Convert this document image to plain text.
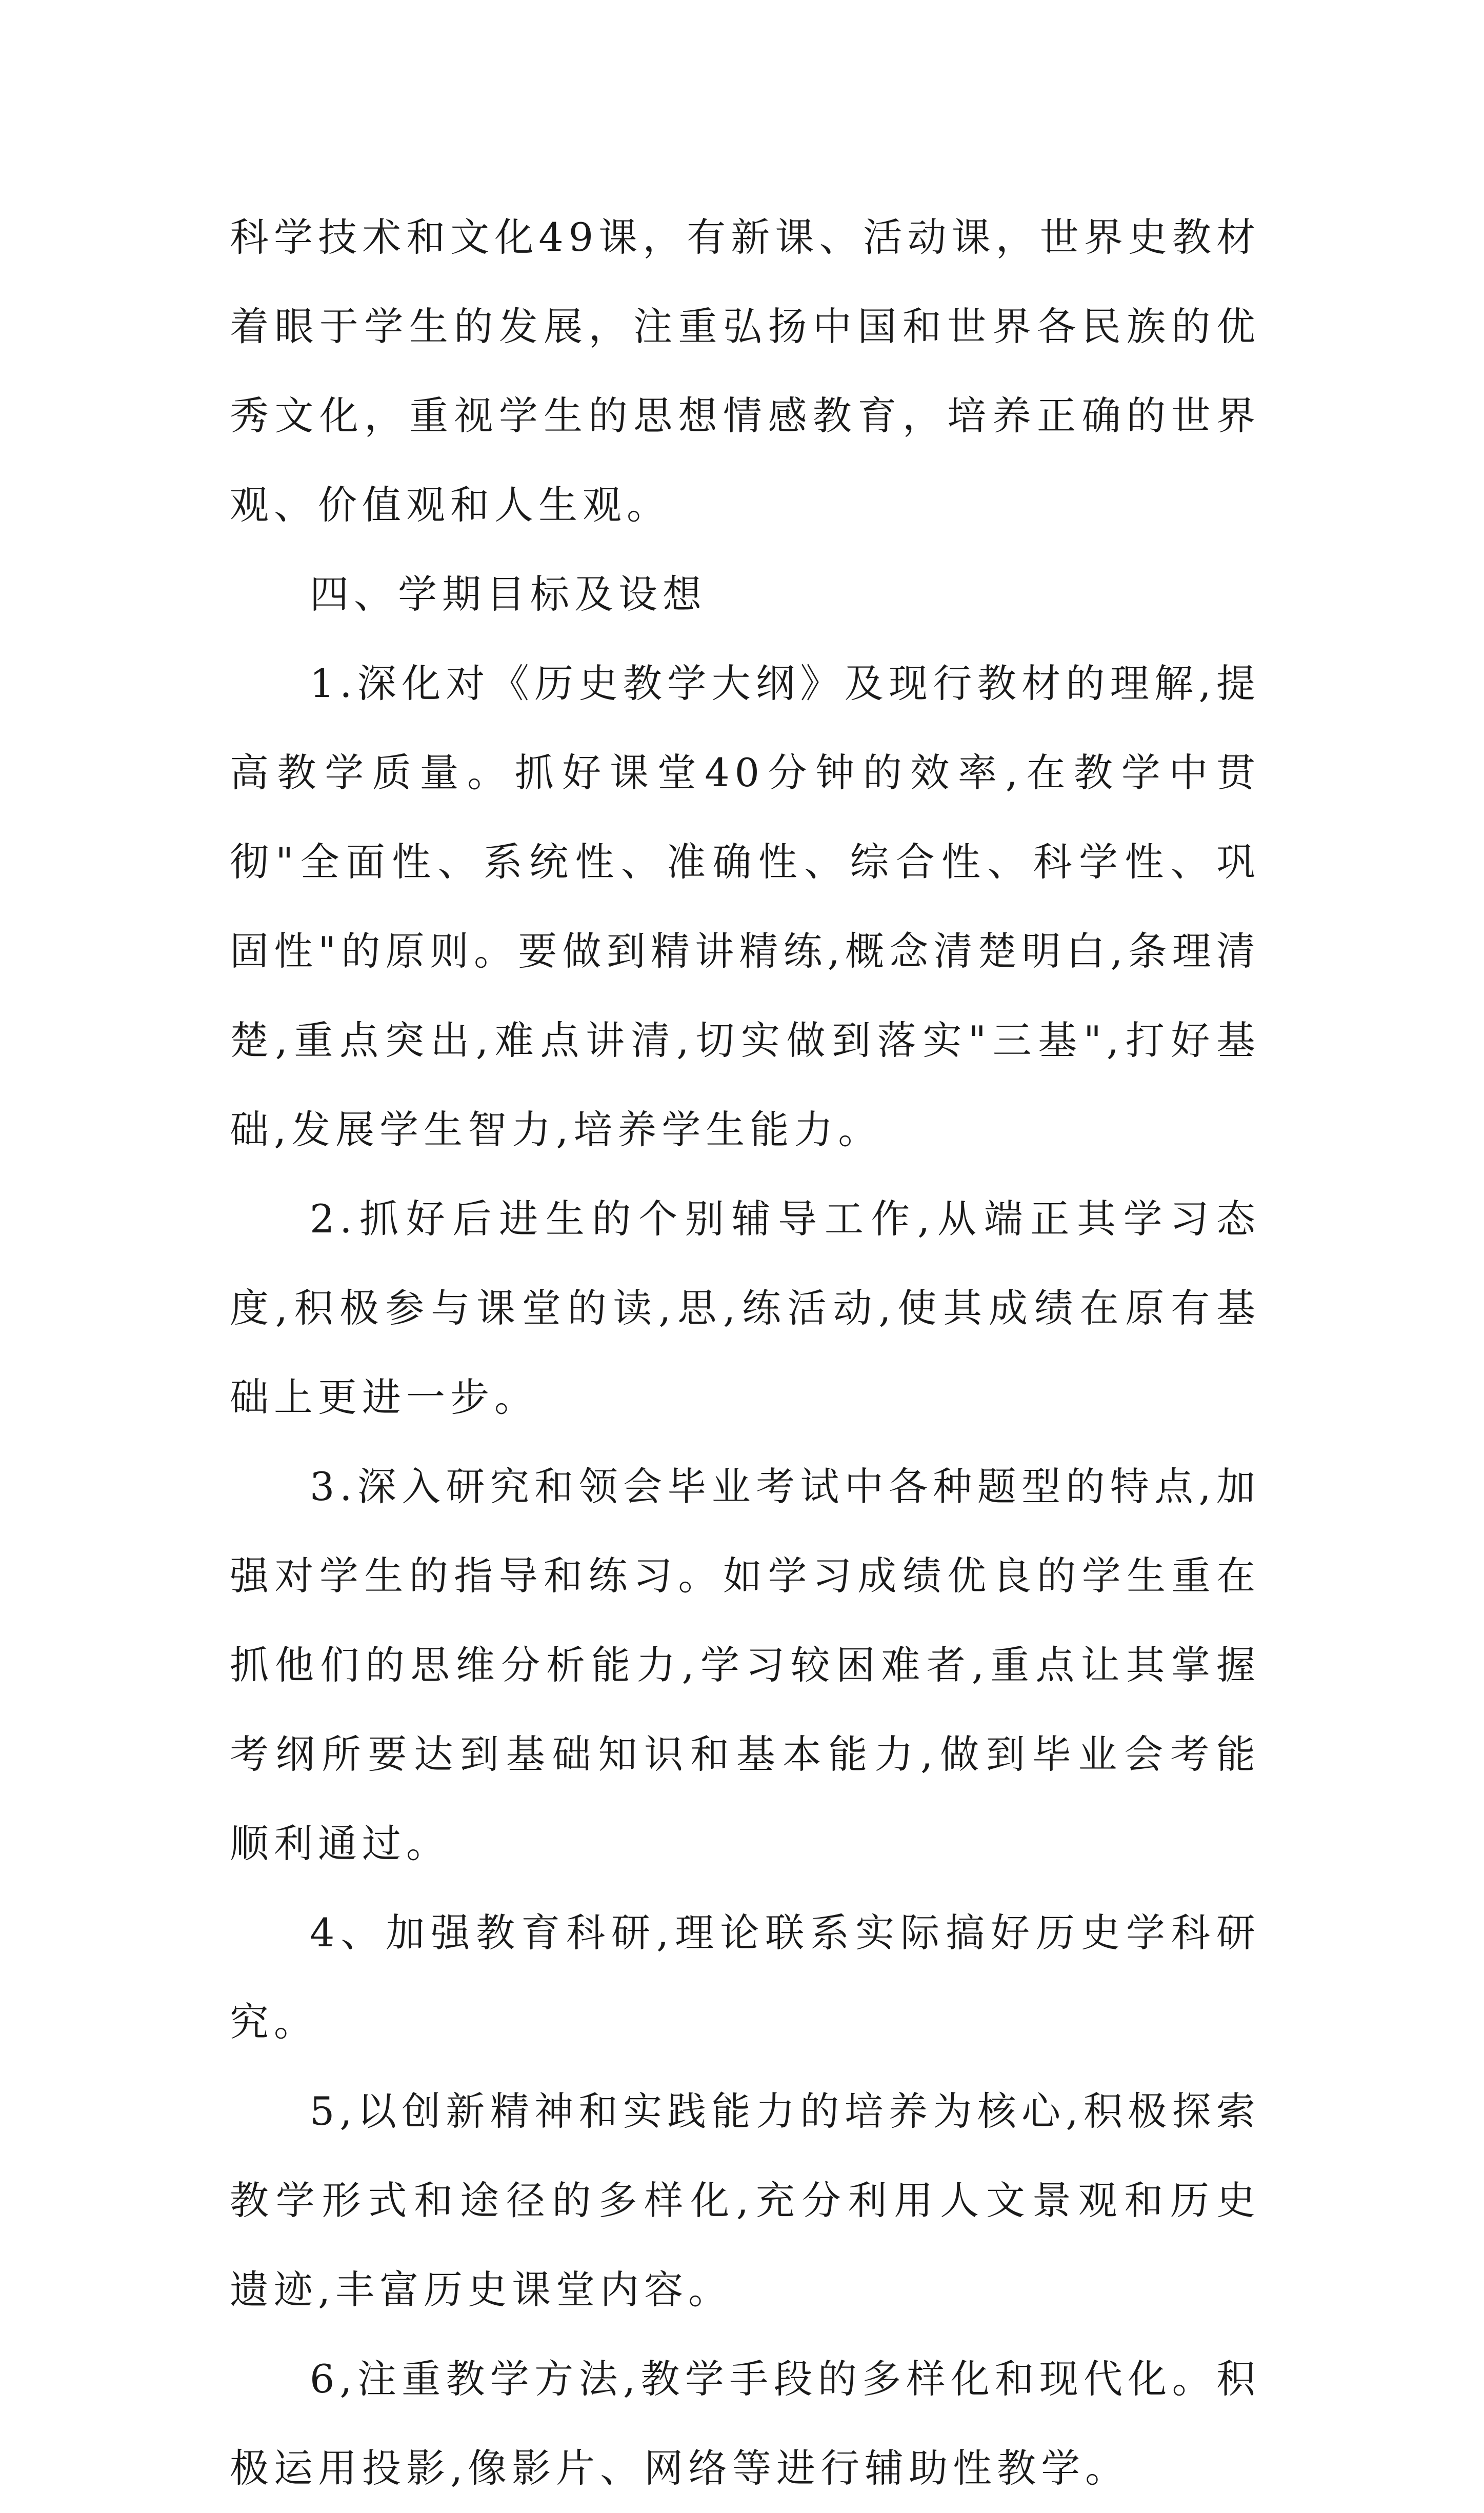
科学技术和文化49课，有新课、活动课，世界史教材着眼于学生的发展，注重弘扬中国和世界各民族的优秀文化，重视学生的思想情感教育，培养正确的世界观、价值观和人生观。

四、学期目标及设想

1.深化对《历史教学大纲》及现行教材的理解,提高教学质量。抓好课堂40分钟的效率,在教学中贯彻"全面性、系统性、准确性、综合性、科学性、巩固性"的原则。要做到精讲精练,概念清楚明白,条理清楚,重点突出,难点讲清,切实做到落实"三基",打好基础,发展学生智力,培养学生能力。

2.抓好后进生的个别辅导工作,从端正其学习态度,积极参与课堂的读,思,练活动,使其成绩在原有基础上更进一步。

3.深入研究和领会毕业考试中各种题型的特点,加强对学生的指导和练习。如学习成绩优良的学生重在抓他们的思维分析能力,学习较困难者,重点让其掌握考纲所要达到基础知识和基本能力,做到毕业会考能顺利通过。

4、加强教育科研,理论联系实际搞好历史学科研究。

5,以创新精神和实践能力的培养为核心,积极探索教学形式和途径的多样化,充分利用人文景观和历史遗迹,丰富历史课堂内容。

6,注重教学方法,教学手段的多样化和现代化。积极运用投影,像影片、网络等进行辅助性教学。
